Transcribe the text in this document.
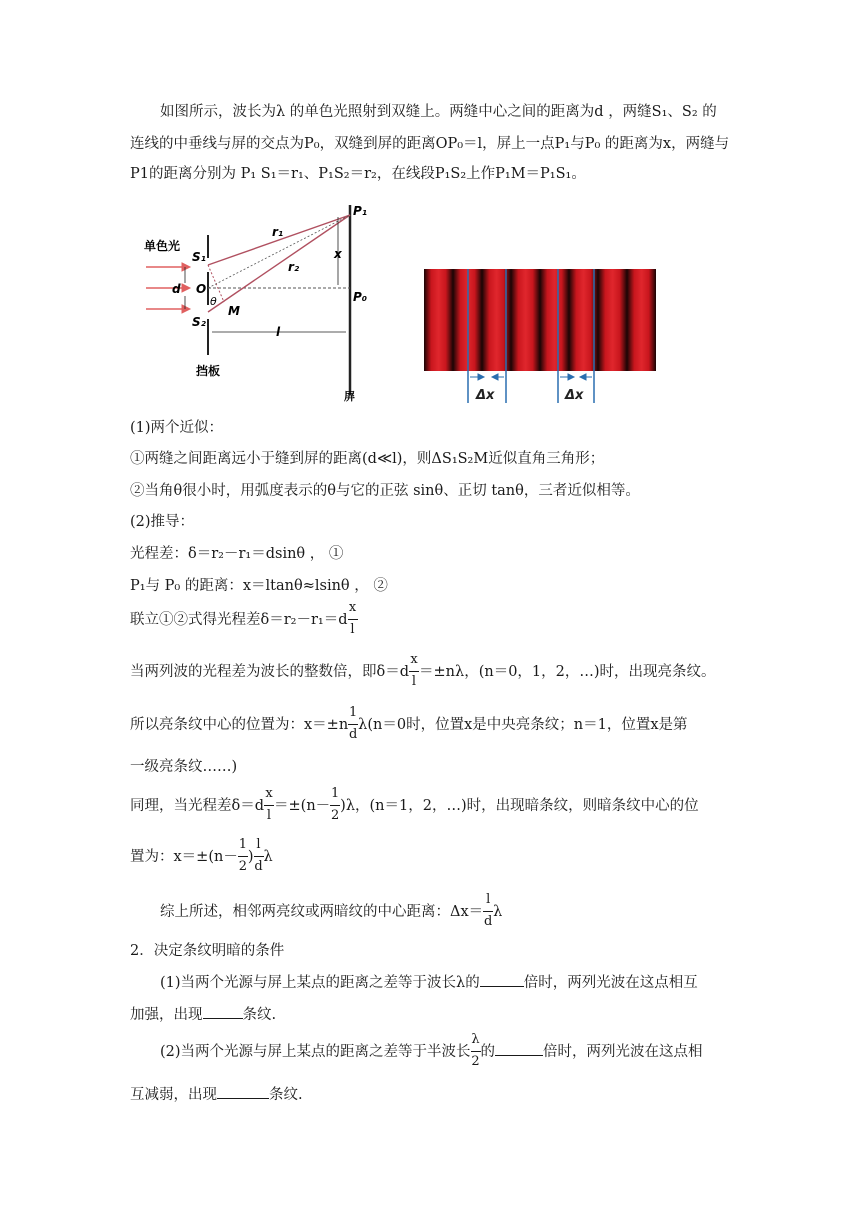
如图所示，波长为λ 的单色光照射到双缝上。两缝中心之间的距离为d ，两缝S₁、S₂ 的
连线的中垂线与屏的交点为P₀，双缝到屏的距离OP₀＝l，屏上一点P₁与P₀ 的距离为x，两缝与
P1的距离分别为 P₁ S₁＝r₁、P₁S₂＝r₂，在线段P₁S₂上作P₁M＝P₁S₁。
单色光
S₁
S₂
O
d
θ
M
r₁
r₂
P₁
P₀
x
l
挡板
屏	Δx	Δx
(1)两个近似：
①两缝之间距离远小于缝到屏的距离(d≪l)，则ΔS₁S₂M近似直角三角形；
②当角θ很小时，用弧度表示的θ与它的正弦 sinθ、正切 tanθ，三者近似相等。
(2)推导：
光程差：δ＝r₂－r₁＝dsinθ ， ①
P₁与 P₀ 的距离：x＝ltanθ≈lsinθ ， ②
联立①②式得光程差$\delta=r_2-r_1=d \frac{x}{l}$
当两列波的光程差为波长的整数倍，即$\delta=d \frac{x}{l} =\pm n\lambda$，(n＝0，1，2，…)时，出现亮条纹。
所以亮条纹中心的位置为：$x=\pm n \frac{1}{d} \lambda(n=0$时，位置x是中央亮条纹；n＝1，位置x是第
一级亮条纹……)
同理，当光程差$\delta=d \frac{x}{l} =\pm(n- \frac{1}{2} )\lambda$，(n＝1，2，…)时，出现暗条纹，则暗条纹中心的位
置为：$x=\pm(n- \frac{1}{2}$ ) $\frac{l}{d}$ λ
综上所述，相邻两亮纹或两暗纹的中心距离：$\Delta x= \frac{l}{d}$ λ
2．决定条纹明暗的条件
(1)当两个光源与屏上某点的距离之差等于波长λ的	倍时，两列光波在这点相互
加强，出现	条纹.
(2)当两个光源与屏上某点的距离之差等于半波长 $\frac{\lambda}{2}$ 的	倍时，两列光波在这点相
互减弱，出现	条纹.
